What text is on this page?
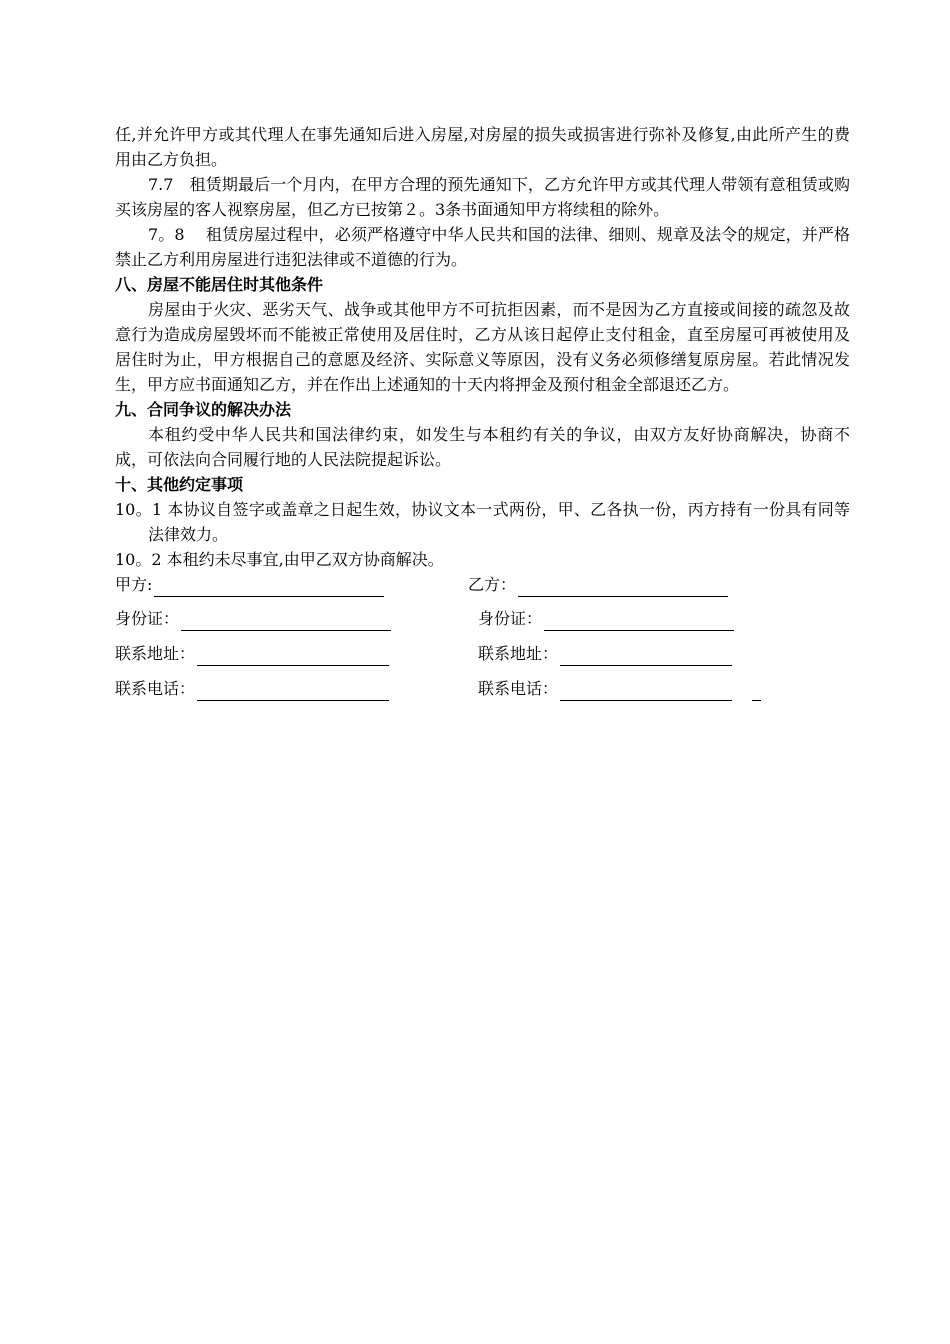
任,并允许甲方或其代理人在事先通知后进入房屋,对房屋的损失或损害进行弥补及修复,由此所产生的费用由乙方负担。

7.7　租赁期最后一个月内，在甲方合理的预先通知下，乙方允许甲方或其代理人带领有意租赁或购买该房屋的客人视察房屋，但乙方已按第２。3条书面通知甲方将续租的除外。

7。8　 租赁房屋过程中，必须严格遵守中华人民共和国的法律、细则、规章及法令的规定，并严格禁止乙方利用房屋进行违犯法律或不道德的行为。

八、房屋不能居住时其他条件

房屋由于火灾、恶劣天气、战争或其他甲方不可抗拒因素，而不是因为乙方直接或间接的疏忽及故意行为造成房屋毁坏而不能被正常使用及居住时，乙方从该日起停止支付租金，直至房屋可再被使用及居住时为止，甲方根据自己的意愿及经济、实际意义等原因，没有义务必须修缮复原房屋。若此情况发生，甲方应书面通知乙方，并在作出上述通知的十天内将押金及预付租金全部退还乙方。

九、合同争议的解决办法

本租约受中华人民共和国法律约束，如发生与本租约有关的争议，由双方友好协商解决，协商不成，可依法向合同履行地的人民法院提起诉讼。

十、其他约定事项

10。1 本协议自签字或盖章之日起生效，协议文本一式两份，甲、乙各执一份，丙方持有一份具有同等法律效力。

10。2 本租约未尽事宜,由甲乙双方协商解决。

甲方:	乙方：
身份证：	身份证：
联系地址：	联系地址：
联系电话：	联系电话：
